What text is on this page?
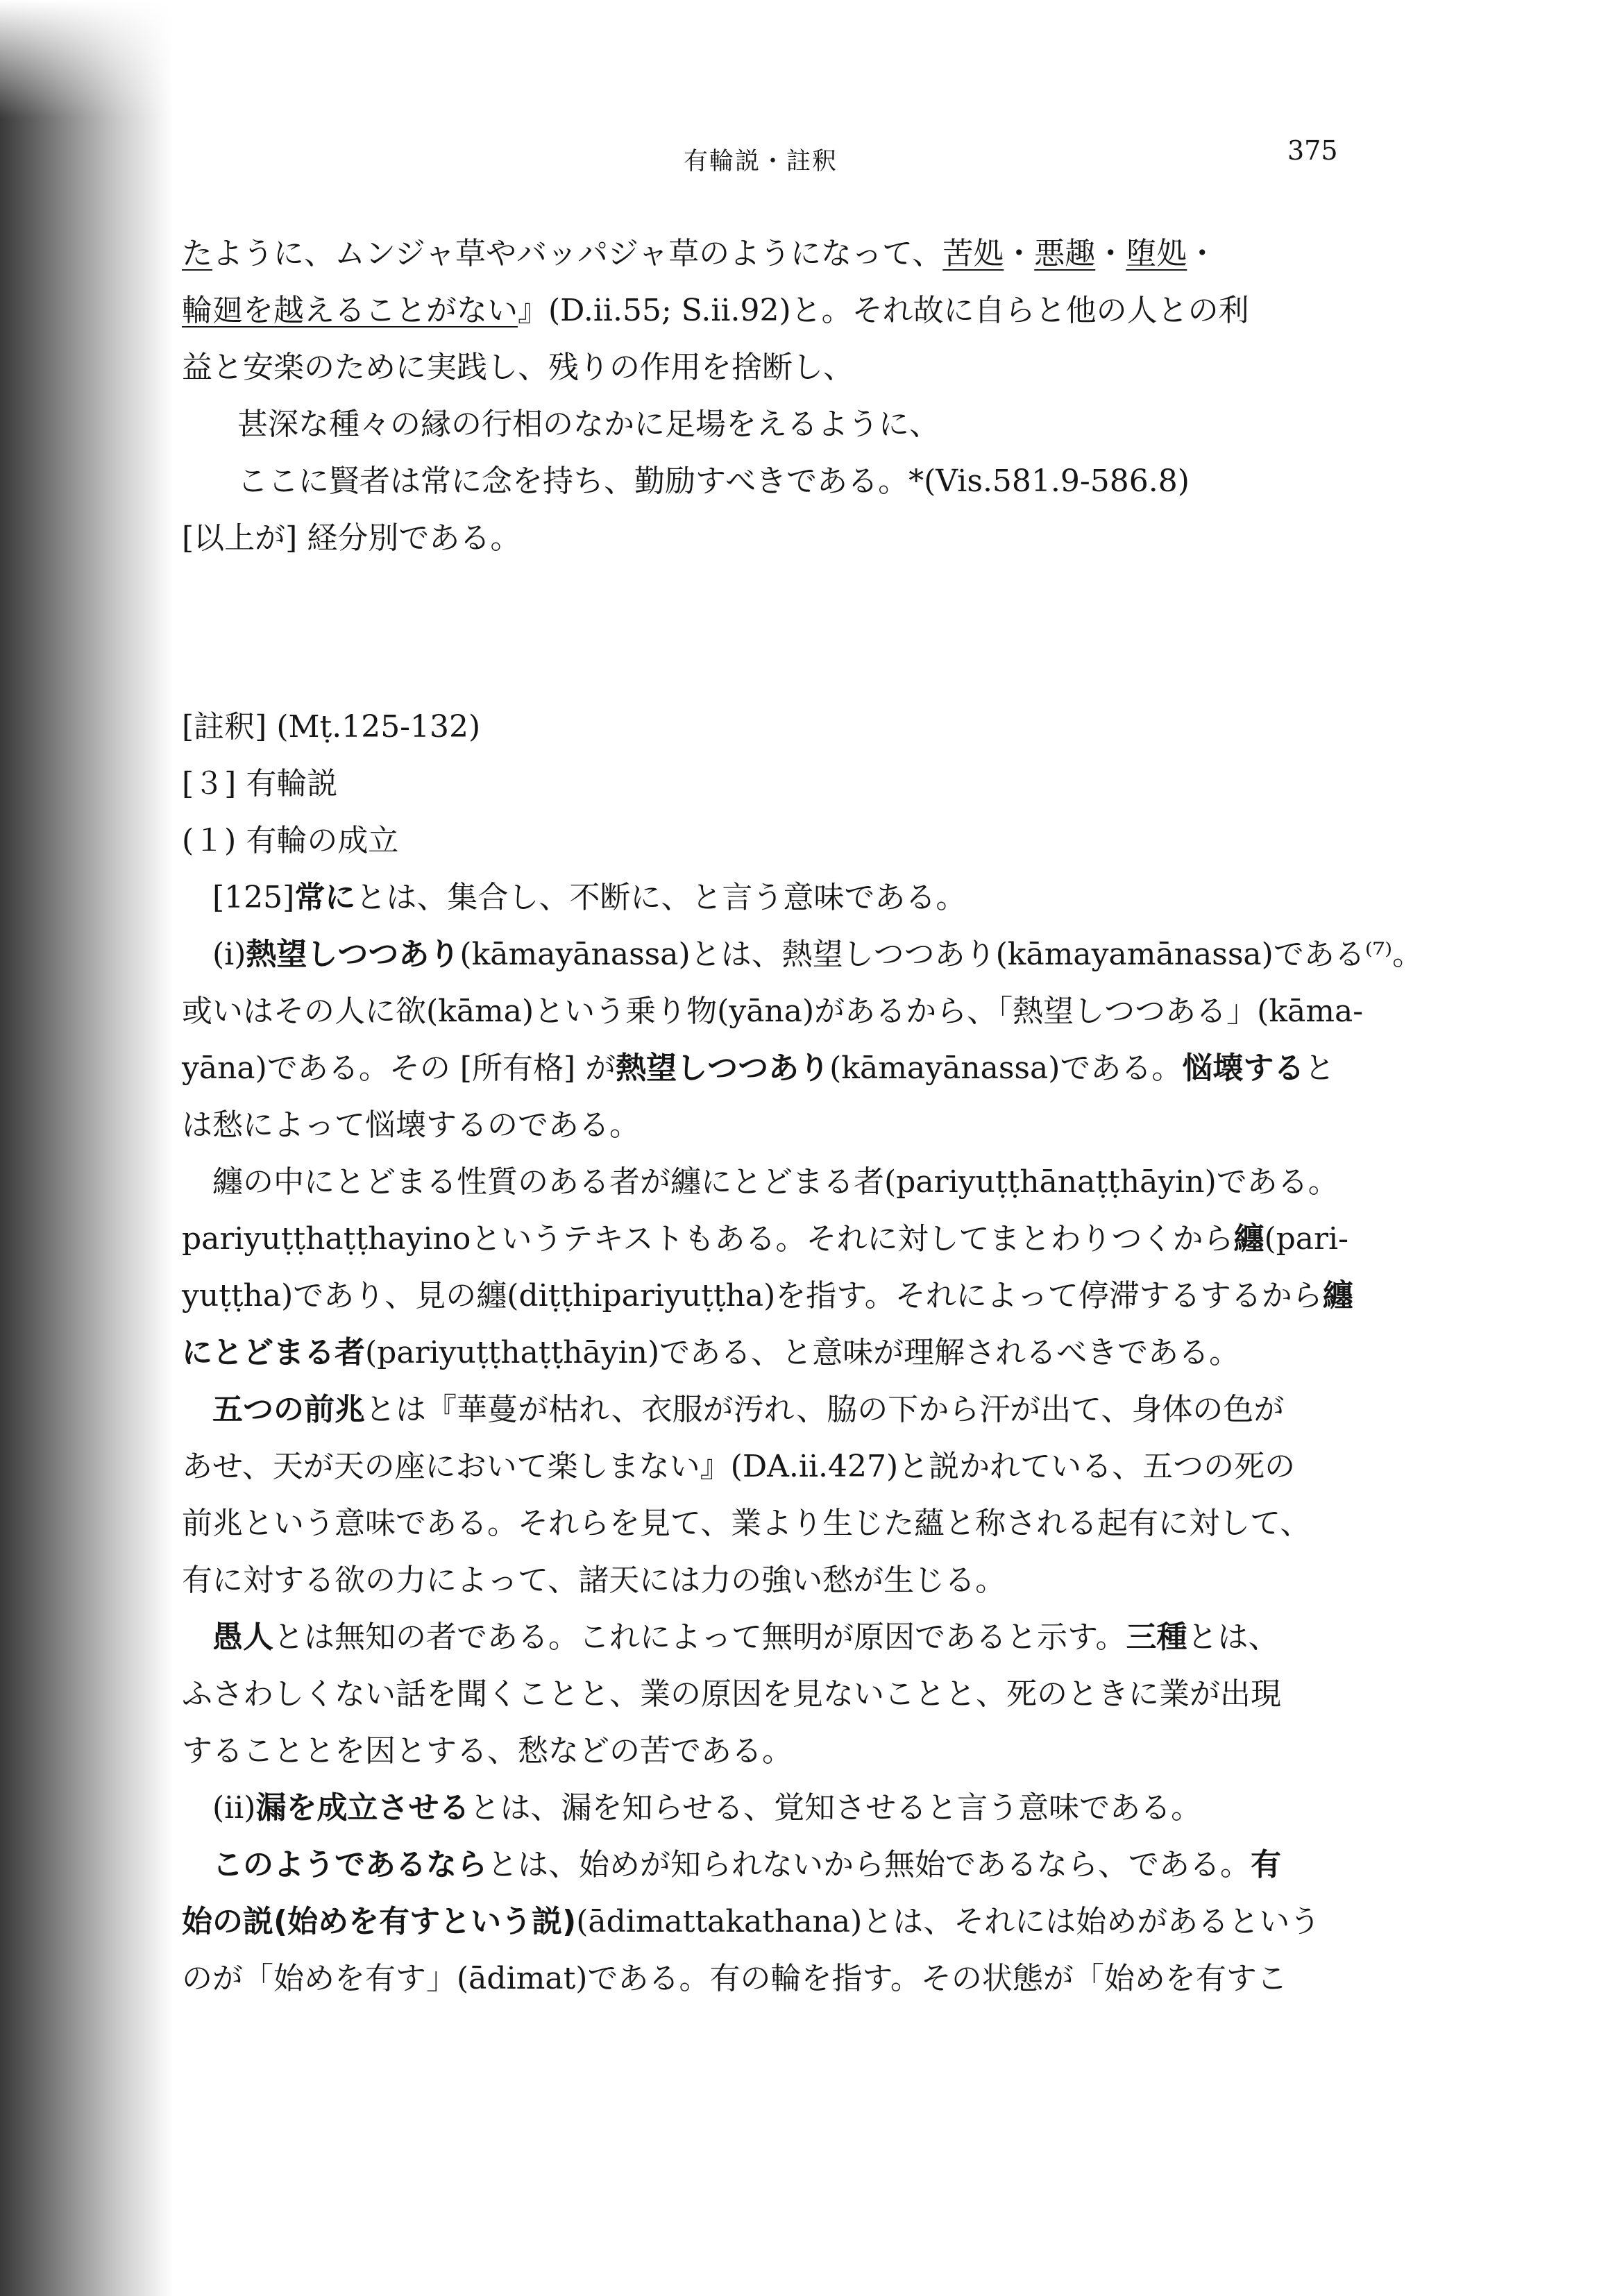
有輪説・註釈	375
たように、ムンジャ草やバッパジャ草のようになって、苦処・悪趣・堕処・
輪廻を越えることがない』(D.ii.55; S.ii.92)と。それ故に自らと他の人との利
益と安楽のために実践し、残りの作用を捨断し、
甚深な種々の縁の行相のなかに足場をえるように、
ここに賢者は常に念を持ち、勤励すべきである。*(Vis.581.9-586.8)
[以上が] 経分別である。
[註釈] (Mṭ.125-132)
[３] 有輪説
(１) 有輪の成立
[125]常にとは、集合し、不断に、と言う意味である。
(i)熱望しつつあり(kāmayānassa)とは、熱望しつつあり(kāmayamānassa)である⁽⁷⁾。
或いはその人に欲(kāma)という乗り物(yāna)があるから、「熱望しつつある」(kāma-
yāna)である。その [所有格] が熱望しつつあり(kāmayānassa)である。悩壊すると
は愁によって悩壊するのである。
纏の中にとどまる性質のある者が纏にとどまる者(pariyuṭṭhānaṭṭhāyin)である。
pariyuṭṭhaṭṭhayinoというテキストもある。それに対してまとわりつくから纏(pari-
yuṭṭha)であり、見の纏(diṭṭhipariyuṭṭha)を指す。それによって停滞するするから纏
にとどまる者(pariyuṭṭhaṭṭhāyin)である、と意味が理解されるべきである。
五つの前兆とは『華蔓が枯れ、衣服が汚れ、脇の下から汗が出て、身体の色が
あせ、天が天の座において楽しまない』(DA.ii.427)と説かれている、五つの死の
前兆という意味である。それらを見て、業より生じた蘊と称される起有に対して、
有に対する欲の力によって、諸天には力の強い愁が生じる。
愚人とは無知の者である。これによって無明が原因であると示す。三種とは、
ふさわしくない話を聞くことと、業の原因を見ないことと、死のときに業が出現
することとを因とする、愁などの苦である。
(ii)漏を成立させるとは、漏を知らせる、覚知させると言う意味である。
このようであるならとは、始めが知られないから無始であるなら、である。有
始の説(始めを有すという説)(ādimattakathana)とは、それには始めがあるという
のが「始めを有す」(ādimat)である。有の輪を指す。その状態が「始めを有すこ
